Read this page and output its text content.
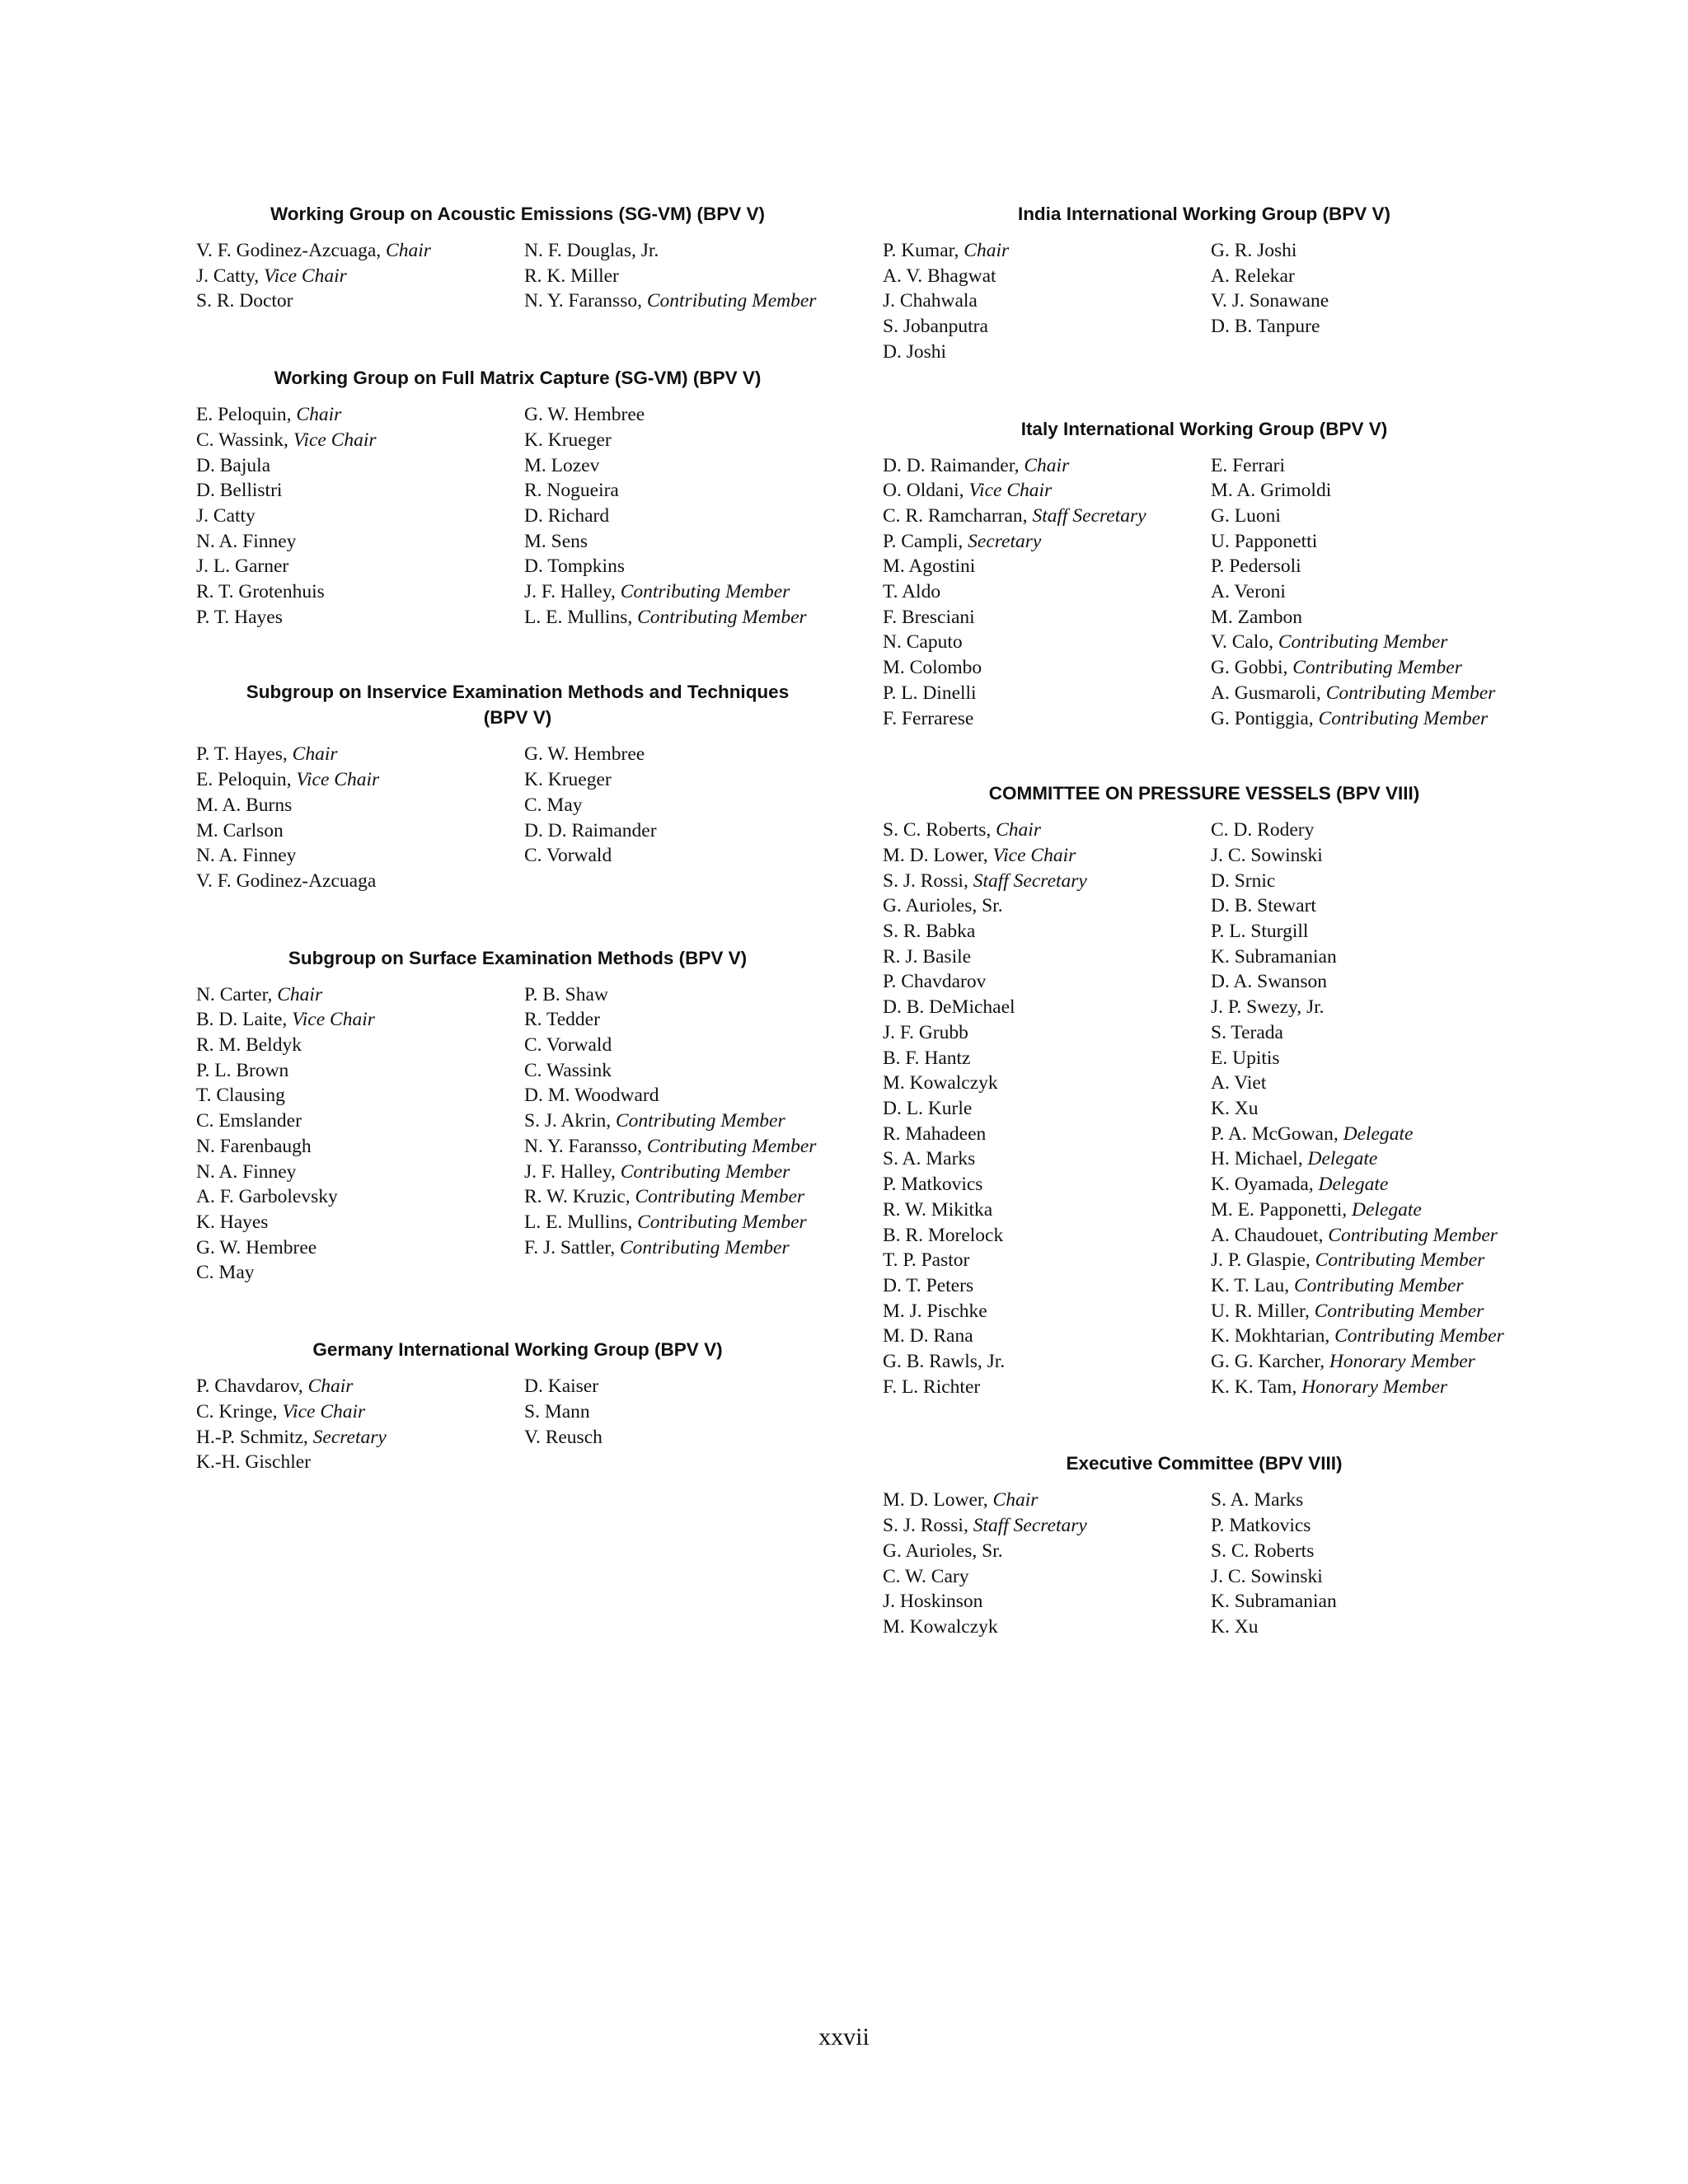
Working Group on Acoustic Emissions (SG-VM) (BPV V)
V. F. Godinez-Azcuaga, Chair
J. Catty, Vice Chair
S. R. Doctor
N. F. Douglas, Jr.
R. K. Miller
N. Y. Faransso, Contributing Member
Working Group on Full Matrix Capture (SG-VM) (BPV V)
E. Peloquin, Chair
C. Wassink, Vice Chair
D. Bajula
D. Bellistri
J. Catty
N. A. Finney
J. L. Garner
R. T. Grotenhuis
P. T. Hayes
G. W. Hembree
K. Krueger
M. Lozev
R. Nogueira
D. Richard
M. Sens
D. Tompkins
J. F. Halley, Contributing Member
L. E. Mullins, Contributing Member
Subgroup on Inservice Examination Methods and Techniques
(BPV V)
P. T. Hayes, Chair
E. Peloquin, Vice Chair
M. A. Burns
M. Carlson
N. A. Finney
V. F. Godinez-Azcuaga
G. W. Hembree
K. Krueger
C. May
D. D. Raimander
C. Vorwald
Subgroup on Surface Examination Methods (BPV V)
N. Carter, Chair
B. D. Laite, Vice Chair
R. M. Beldyk
P. L. Brown
T. Clausing
C. Emslander
N. Farenbaugh
N. A. Finney
A. F. Garbolevsky
K. Hayes
G. W. Hembree
C. May
P. B. Shaw
R. Tedder
C. Vorwald
C. Wassink
D. M. Woodward
S. J. Akrin, Contributing Member
N. Y. Faransso, Contributing Member
J. F. Halley, Contributing Member
R. W. Kruzic, Contributing Member
L. E. Mullins, Contributing Member
F. J. Sattler, Contributing Member
Germany International Working Group (BPV V)
P. Chavdarov, Chair
C. Kringe, Vice Chair
H.-P. Schmitz, Secretary
K.-H. Gischler
D. Kaiser
S. Mann
V. Reusch
India International Working Group (BPV V)
P. Kumar, Chair
A. V. Bhagwat
J. Chahwala
S. Jobanputra
D. Joshi
G. R. Joshi
A. Relekar
V. J. Sonawane
D. B. Tanpure
Italy International Working Group (BPV V)
D. D. Raimander, Chair
O. Oldani, Vice Chair
C. R. Ramcharran, Staff Secretary
P. Campli, Secretary
M. Agostini
T. Aldo
F. Bresciani
N. Caputo
M. Colombo
P. L. Dinelli
F. Ferrarese
E. Ferrari
M. A. Grimoldi
G. Luoni
U. Papponetti
P. Pedersoli
A. Veroni
M. Zambon
V. Calo, Contributing Member
G. Gobbi, Contributing Member
A. Gusmaroli, Contributing Member
G. Pontiggia, Contributing Member
COMMITTEE ON PRESSURE VESSELS (BPV VIII)
S. C. Roberts, Chair
M. D. Lower, Vice Chair
S. J. Rossi, Staff Secretary
G. Aurioles, Sr.
S. R. Babka
R. J. Basile
P. Chavdarov
D. B. DeMichael
J. F. Grubb
B. F. Hantz
M. Kowalczyk
D. L. Kurle
R. Mahadeen
S. A. Marks
P. Matkovics
R. W. Mikitka
B. R. Morelock
T. P. Pastor
D. T. Peters
M. J. Pischke
M. D. Rana
G. B. Rawls, Jr.
F. L. Richter
C. D. Rodery
J. C. Sowinski
D. Srnic
D. B. Stewart
P. L. Sturgill
K. Subramanian
D. A. Swanson
J. P. Swezy, Jr.
S. Terada
E. Upitis
A. Viet
K. Xu
P. A. McGowan, Delegate
H. Michael, Delegate
K. Oyamada, Delegate
M. E. Papponetti, Delegate
A. Chaudouet, Contributing Member
J. P. Glaspie, Contributing Member
K. T. Lau, Contributing Member
U. R. Miller, Contributing Member
K. Mokhtarian, Contributing Member
G. G. Karcher, Honorary Member
K. K. Tam, Honorary Member
Executive Committee (BPV VIII)
M. D. Lower, Chair
S. J. Rossi, Staff Secretary
G. Aurioles, Sr.
C. W. Cary
J. Hoskinson
M. Kowalczyk
S. A. Marks
P. Matkovics
S. C. Roberts
J. C. Sowinski
K. Subramanian
K. Xu
xxvii
